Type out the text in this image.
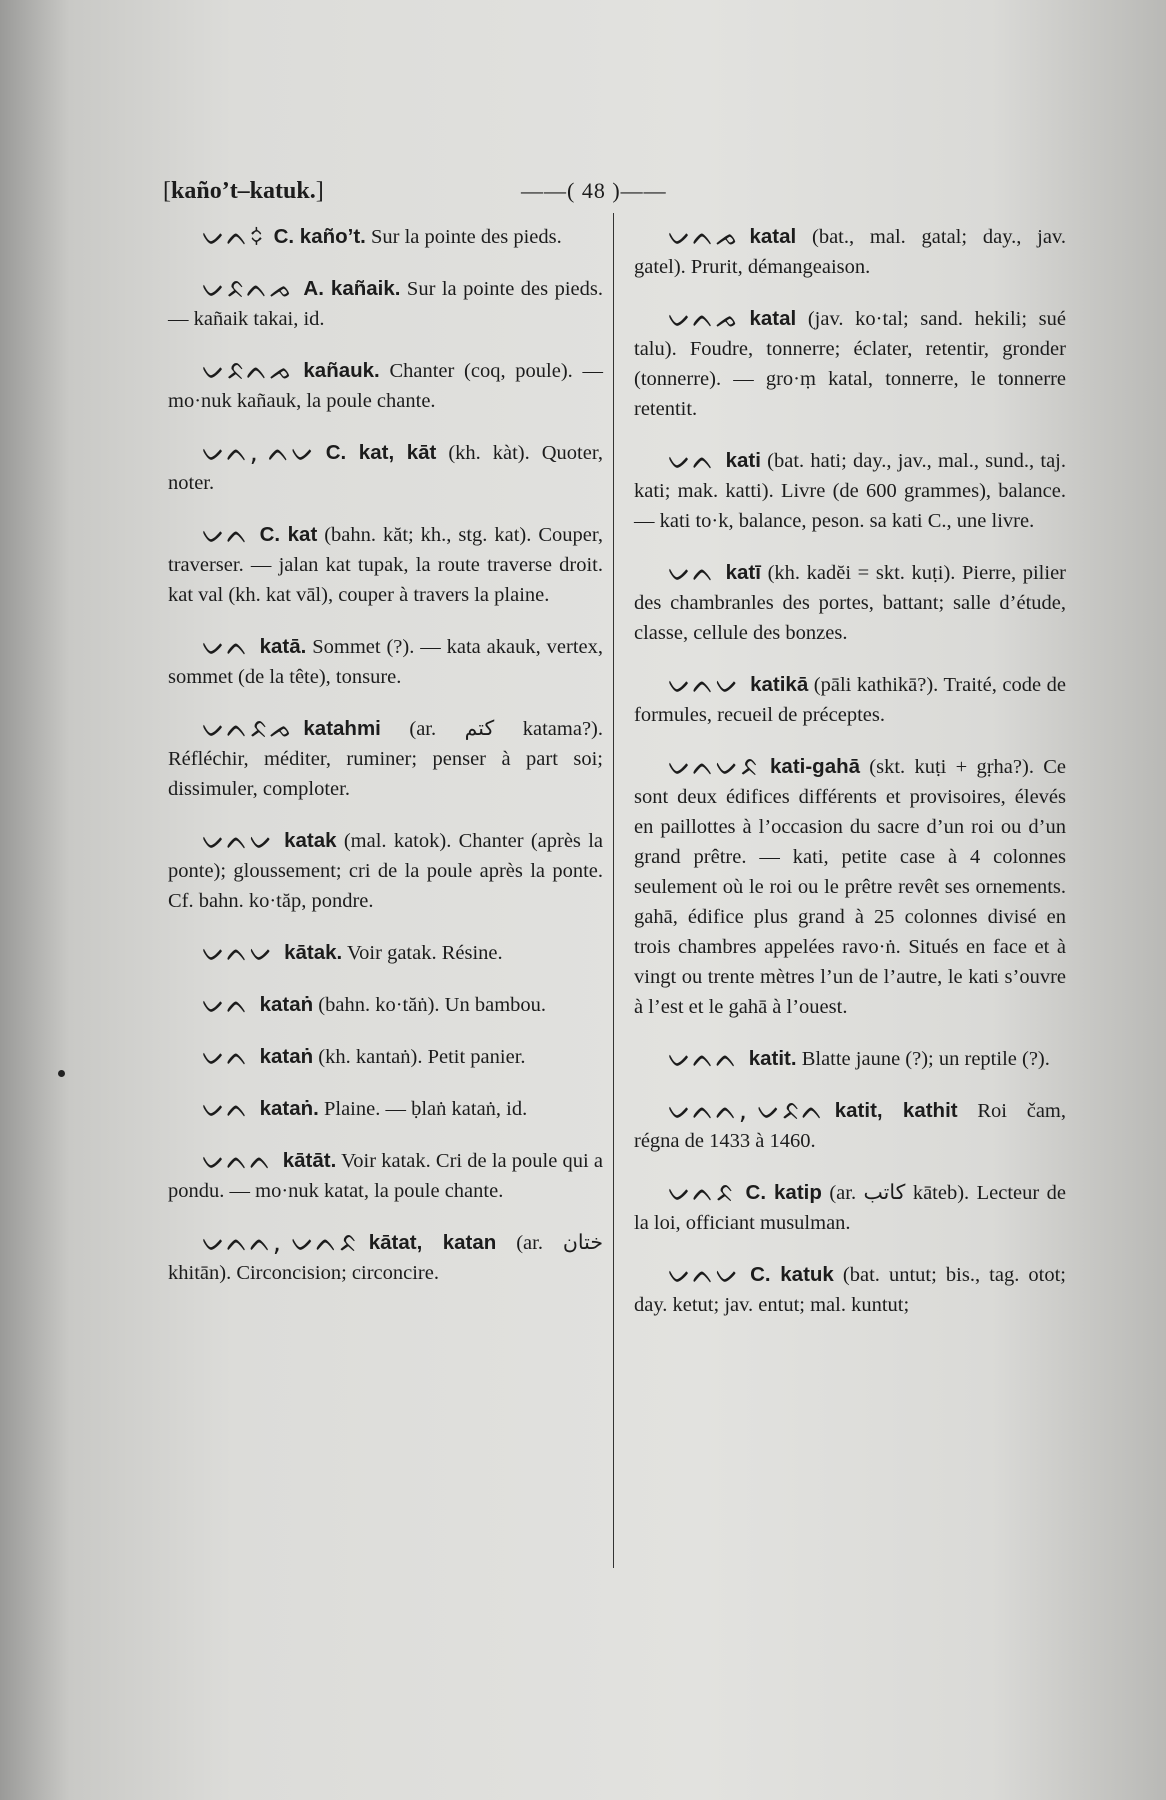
[kaño’t–katuk.]	——( 48 )——

ᨆᨈ᨟ C. kaño’t. Sur la pointe des pieds.

ᨆᨅᨈᨍ A. kañaik. Sur la pointe des pieds. — kañaik takai, id.

ᨆᨅᨈᨍ kañauk. Chanter (coq, poule). — mo·nuk kañauk, la poule chante.

ᨆᨈ, ᨈᨆ C. kat, kāt (kh. kàt). Quoter, noter.

ᨆᨈ C. kat (bahn. kăt; kh., stg. kat). Couper, traverser. — jalan kat tupak, la route traverse droit. kat val (kh. kat vāl), couper à travers la plaine.

ᨆᨈ katā. Sommet (?). — kata akauk, vertex, sommet (de la tête), tonsure.

ᨆᨈᨅᨍ katahmi (ar. كتم katama?). Réfléchir, méditer, ruminer; penser à part soi; dissimuler, comploter.

ᨆᨈᨆ katak (mal. katok). Chanter (après la ponte); gloussement; cri de la poule après la ponte. Cf. bahn. ko·tăp, pondre.

ᨆᨈᨆ kātak. Voir gatak. Résine.

ᨆᨈ kataṅ (bahn. ko·tăṅ). Un bambou.

ᨆᨈ kataṅ (kh. kantaṅ). Petit panier.

ᨆᨈ kataṅ. Plaine. — ḅlaṅ kataṅ, id.

ᨆᨈᨈ kātāt. Voir katak. Cri de la poule qui a pondu. — mo·nuk katat, la poule chante.

ᨆᨈᨈ, ᨆᨈᨅ kātat, katan (ar. ختان khitān). Circoncision; circoncire.

ᨆᨈᨍ katal (bat., mal. gatal; day., jav. gatel). Prurit, démangeaison.

ᨆᨈᨍ katal (jav. ko·tal; sand. hekili; sué talu). Foudre, tonnerre; éclater, retentir, gronder (tonnerre). — gro·ṃ katal, tonnerre, le tonnerre retentit.

ᨆᨈ kati (bat. hati; day., jav., mal., sund., taj. kati; mak. katti). Livre (de 600 grammes), balance. — kati to·k, balance, peson. sa kati C., une livre.

ᨆᨈ katī (kh. kadĕi = skt. kuṭi). Pierre, pilier des chambranles des portes, battant; salle d’étude, classe, cellule des bonzes.

ᨆᨈᨆ katikā (pāli kathikā?). Traité, code de formules, recueil de préceptes.

ᨆᨈᨆᨅ kati-gahā (skt. kuṭi + gṛha?). Ce sont deux édifices différents et provisoires, élevés en paillottes à l’occasion du sacre d’un roi ou d’un grand prêtre. — kati, petite case à 4 colonnes seulement où le roi ou le prêtre revêt ses ornements. gahā, édifice plus grand à 25 colonnes divisé en trois chambres appelées ravo·ṅ. Situés en face et à vingt ou trente mètres l’un de l’autre, le kati s’ouvre à l’est et le gahā à l’ouest.

ᨆᨈᨈ katit. Blatte jaune (?); un reptile (?).

ᨆᨈᨈ, ᨆᨅᨈ katit, kathit Roi čam, régna de 1433 à 1460.

ᨆᨈᨅ C. katip (ar. كاتب kāteb). Lecteur de la loi, officiant musulman.

ᨆᨈᨆ C. katuk (bat. untut; bis., tag. otot; day. ketut; jav. entut; mal. kuntut;
